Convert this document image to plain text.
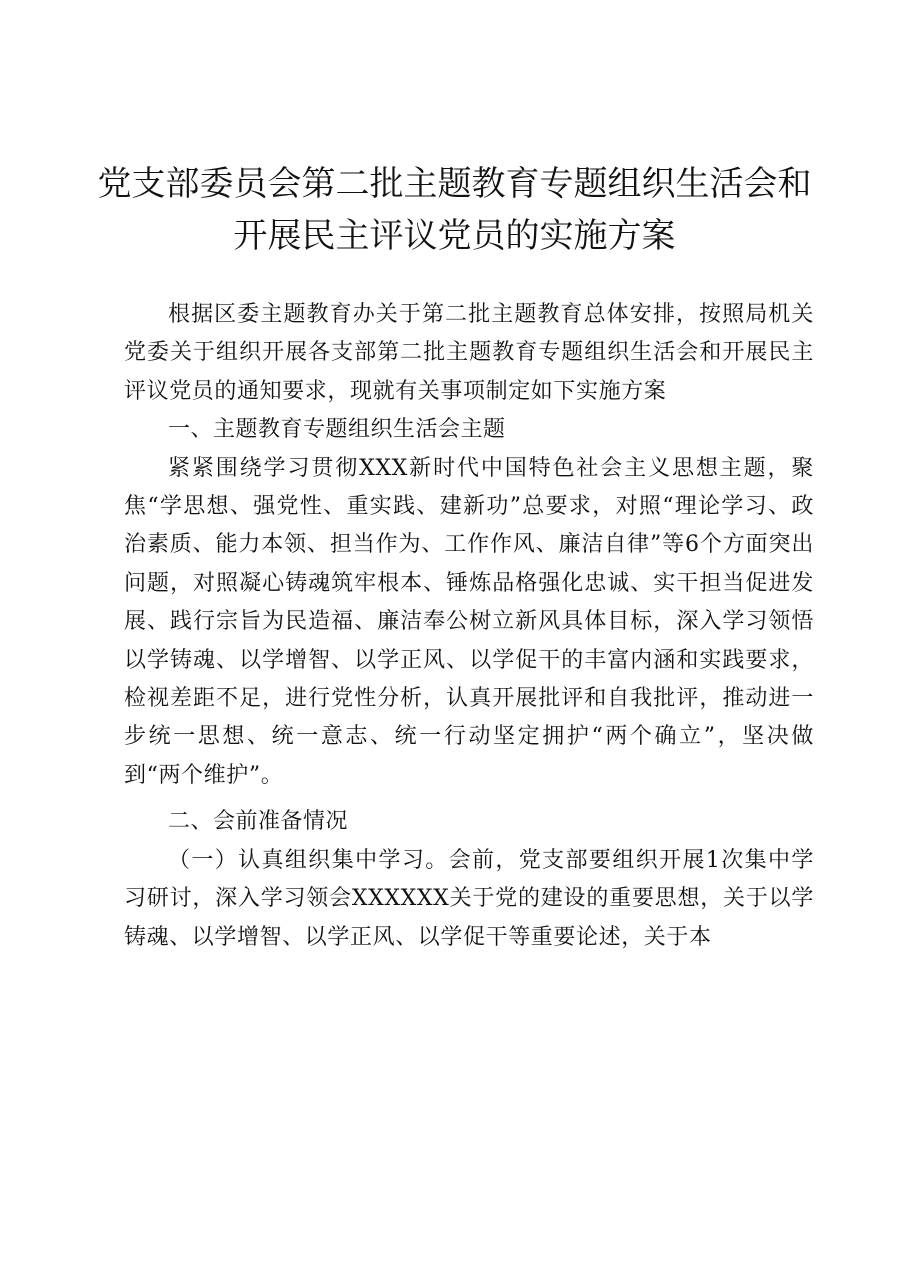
党支部委员会第二批主题教育专题组织生活会和
开展民主评议党员的实施方案

根据区委主题教育办关于第二批主题教育总体安排，按照局机关党委关于组织开展各支部第二批主题教育专题组织生活会和开展民主评议党员的通知要求，现就有关事项制定如下实施方案

一、主题教育专题组织生活会主题

紧紧围绕学习贯彻XXX新时代中国特色社会主义思想主题，聚焦“学思想、强党性、重实践、建新功”总要求，对照“理论学习、政治素质、能力本领、担当作为、工作作风、廉洁自律”等6个方面突出问题，对照凝心铸魂筑牢根本、锤炼品格强化忠诚、实干担当促进发展、践行宗旨为民造福、廉洁奉公树立新风具体目标，深入学习领悟以学铸魂、以学增智、以学正风、以学促干的丰富内涵和实践要求，检视差距不足，进行党性分析，认真开展批评和自我批评，推动进一步统一思想、统一意志、统一行动坚定拥护“两个确立”，坚决做到“两个维护”。

二、会前准备情况

（一）认真组织集中学习。会前，党支部要组织开展1次集中学习研讨，深入学习领会XXXXXX关于党的建设的重要思想，关于以学铸魂、以学增智、以学正风、以学促干等重要论述，关于本
